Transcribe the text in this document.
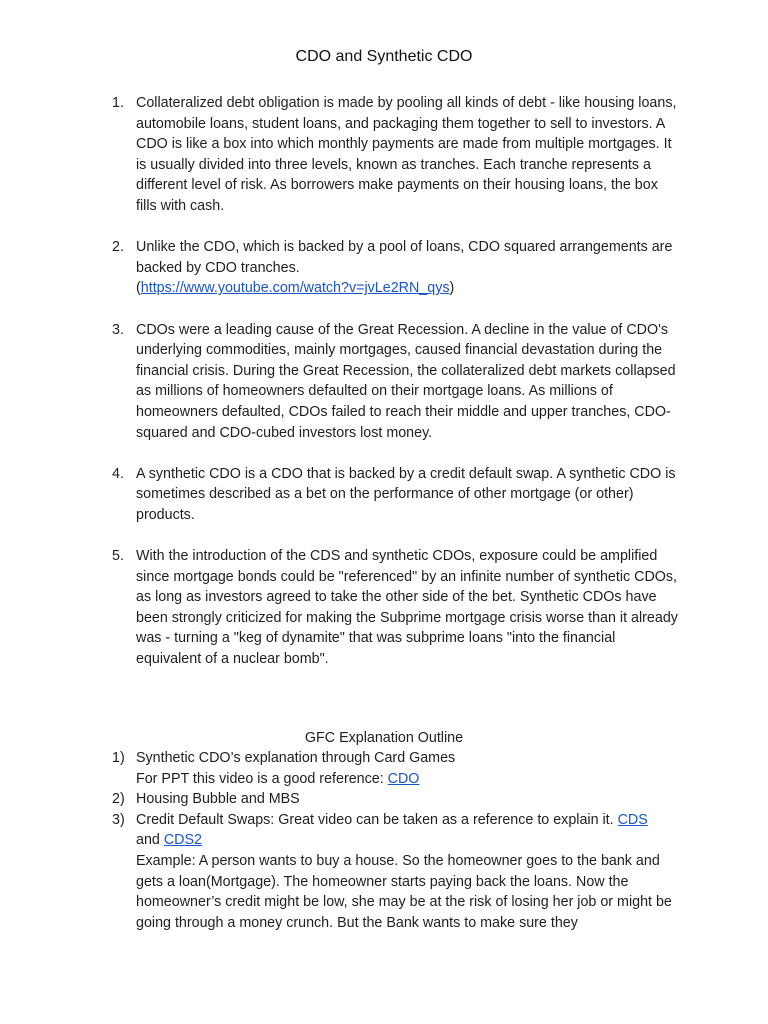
CDO and Synthetic CDO
1. Collateralized debt obligation is made by pooling all kinds of debt - like housing loans, automobile loans, student loans, and packaging them together to sell to investors. A CDO is like a box into which monthly payments are made from multiple mortgages. It is usually divided into three levels, known as tranches. Each tranche represents a different level of risk. As borrowers make payments on their housing loans, the box fills with cash.
2. Unlike the CDO, which is backed by a pool of loans, CDO squared arrangements are backed by CDO tranches.
(https://www.youtube.com/watch?v=jvLe2RN_qys)
3. CDOs were a leading cause of the Great Recession. A decline in the value of CDO's underlying commodities, mainly mortgages, caused financial devastation during the financial crisis. During the Great Recession, the collateralized debt markets collapsed as millions of homeowners defaulted on their mortgage loans. As millions of homeowners defaulted, CDOs failed to reach their middle and upper tranches, CDO-squared and CDO-cubed investors lost money.
4. A synthetic CDO is a CDO that is backed by a credit default swap. A synthetic CDO is sometimes described as a bet on the performance of other mortgage (or other) products.
5. With the introduction of the CDS and synthetic CDOs, exposure could be amplified since mortgage bonds could be "referenced" by an infinite number of synthetic CDOs, as long as investors agreed to take the other side of the bet. Synthetic CDOs have been strongly criticized for making the Subprime mortgage crisis worse than it already was - turning a "keg of dynamite" that was subprime loans "into the financial equivalent of a nuclear bomb".
GFC Explanation Outline
1) Synthetic CDO’s explanation through Card Games
For PPT this video is a good reference: CDO
2) Housing Bubble and MBS
3) Credit Default Swaps: Great video can be taken as a reference to explain it. CDS
and CDS2
Example: A person wants to buy a house. So the homeowner goes to the bank and gets a loan(Mortgage). The homeowner starts paying back the loans. Now the homeowner’s credit might be low, she may be at the risk of losing her job or might be going through a money crunch. But the Bank wants to make sure they
